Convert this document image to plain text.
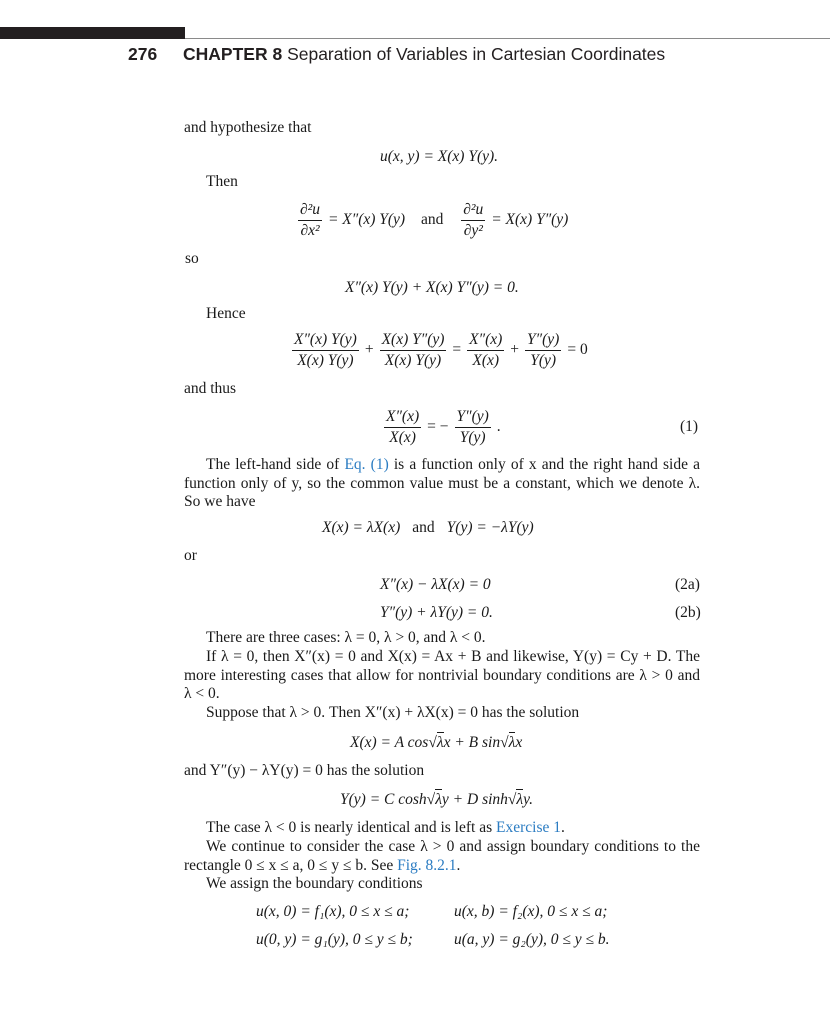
276 CHAPTER 8 Separation of Variables in Cartesian Coordinates
and hypothesize that
u(x, y) = X(x) Y(y).
Then
$\frac{\text{∂²u}}{\text{∂x²}} = X''(x)$ Y(y) and $\frac{\text{∂²u}}{\text{∂y²}} = X(x)$ Y″(y)
so
X″(x) Y(y) + X(x) Y″(y) = 0.
Hence
$\frac{X''(x) Y(y)}{X(x) Y(y)} + \frac{X(x) Y''(y)}{X(x) Y(y)} = \frac{X''(x)}{X(x)} + \frac{Y''(y)}{Y(y)} = 0$
and thus
$\frac{X''(x)}{X(x)}$ = − $\frac{Y''(y)}{Y(y)}$ .	(1)
The left-hand side of Eq. (1) is a function only of x and the right hand side a function only of y, so the common value must be a constant, which we denote λ. So we have
X(x) = λX(x) and Y(y) = −λY(y)
or
X″(x) − λX(x) = 0	(2a)
Y″(y) + λY(y) = 0.	(2b)
There are three cases: λ = 0, λ > 0, and λ < 0.
If λ = 0, then X″(x) = 0 and X(x) = Ax + B and likewise, Y(y) = Cy + D. The more interesting cases that allow for nontrivial boundary conditions are λ > 0 and λ < 0.
Suppose that λ > 0. Then X″(x) + λX(x) = 0 has the solution
X(x) = A cos√λx + B sin√λx
and Y″(y) − λY(y) = 0 has the solution
Y(y) = C cosh√λy + D sinh√λy.
The case λ < 0 is nearly identical and is left as Exercise 1.
We continue to consider the case λ > 0 and assign boundary conditions to the rectangle 0 ≤ x ≤ a, 0 ≤ y ≤ b. See Fig. 8.2.1.
We assign the boundary conditions
u(x, 0) = f₁(x), 0 ≤ x ≤ a;	u(x, b) = f₂(x), 0 ≤ x ≤ a;
u(0, y) = g₁(y), 0 ≤ y ≤ b;	u(a, y) = g₂(y), 0 ≤ y ≤ b.
